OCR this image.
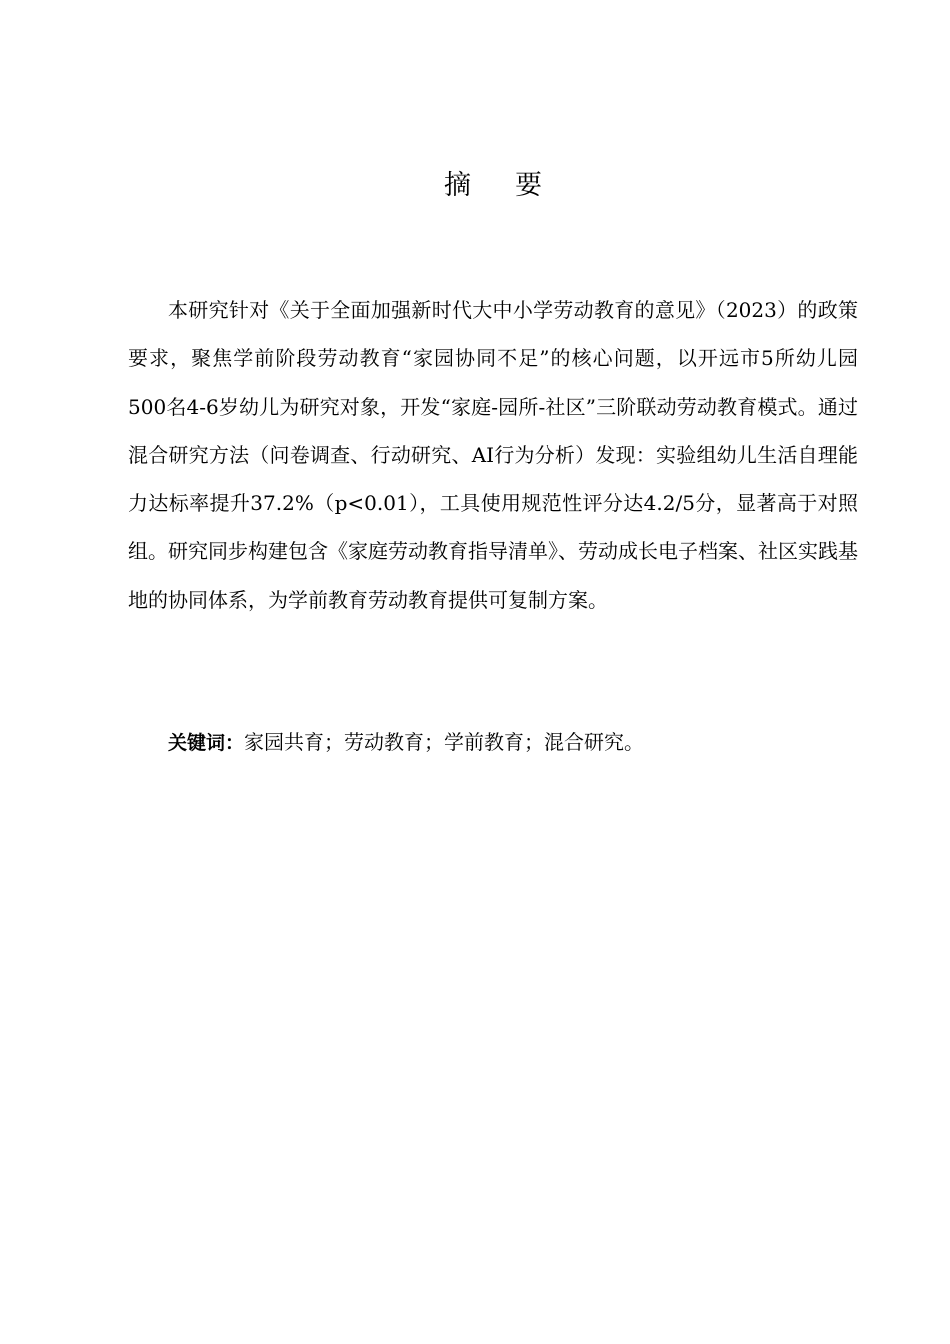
摘 要

本研究针对《关于全面加强新时代大中小学劳动教育的意见》（2023）的政策要求，聚焦学前阶段劳动教育“家园协同不足”的核心问题，以开远市5所幼儿园500名4-6岁幼儿为研究对象，开发“家庭-园所-社区”三阶联动劳动教育模式。通过混合研究方法（问卷调查、行动研究、AI行为分析）发现：实验组幼儿生活自理能力达标率提升37.2%（p<0.01），工具使用规范性评分达4.2/5分，显著高于对照组。研究同步构建包含《家庭劳动教育指导清单》、劳动成长电子档案、社区实践基地的协同体系，为学前教育劳动教育提供可复制方案。

关键词：家园共育；劳动教育；学前教育；混合研究。
